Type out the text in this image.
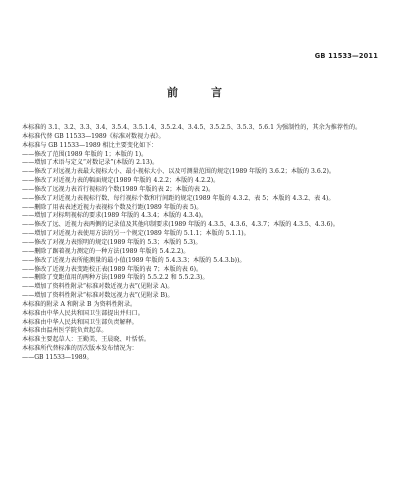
GB 11533—2011
前　言

本标准的 3.1、3.2、3.3、3.4、3.5.4、3.5.1.4、3.5.2.4、3.4.5、3.5.2.5、3.5.3、5.6.1 为强制性的，其余为推荐性的。

本标准代替 GB 11533—1989《标准对数视力表》。

本标准与 GB 11533—1989 相比主要变化如下：

——修改了范围(1989 年版的 1；本版的 1)。

——增加了术语与定义“对数记录”(本版的 2.13)。

——修改了对远视力表最大视标大小、最小视标大小、以及可测量范围的规定(1989 年版的 3.6.2；本版的 3.6.2)。

——修改了对近视力表的幅面规定(1989 年版的 4.2.2；本版的 4.2.2)。

——修改了远视力表首行视标的个数(1989 年版的表 2；本版的表 2)。

——修改了对近视力表视标行数、每行视标个数和行间距的规定(1989 年版的 4.3.2、表 5；本版的 4.3.2、表 4)。

——删除了用表表述近视力表视标个数及行距(1989 年版的表 5)。

——增加了对标明视标的要求(1989 年版的 4.3.4；本版的 4.3.4)。

——修改了远、近视力表两侧的记录值及其他印制要求(1989 年版的 4.3.5、4.3.6、4.3.7；本版的 4.3.5、4.3.6)。

——增加了对近视力表使用方法的另一个规定(1989 年版的 5.1.1；本版的 5.1.1)。

——修改了对视力表照明的规定(1989 年版的 5.3；本版的 5.3)。

——删除了踞着视力测定的一种方法(1989 年版的 5.4.2.2)。

——修改了近视力表所能测量的最小值(1989 年版的 5.4.3.3；本版的 5.4.3.b))。

——修改了近视力表变距校正表(1989 年版的表 7；本版的表 6)。

——删除了变距值用的两种方法(1989 年版的 5.5.2.2 和 5.5.2.3)。

——增加了资料性附录“标准对数近视力表”(见附录 A)。

——增加了资料性附录“标准对数远视力表”(见附录 B)。

本标准的附录 A 和附录 B 为资料性附录。

本标准由中华人民共和国卫生部提出并归口。

本标准由中华人民共和国卫生部负责解释。

本标准由温州医学院负责起草。

本标准主要起草人：王勤美、王晨晓、叶恬恬。

本标准所代替标准的历次版本发布情况为：

——GB 11533—1989。
